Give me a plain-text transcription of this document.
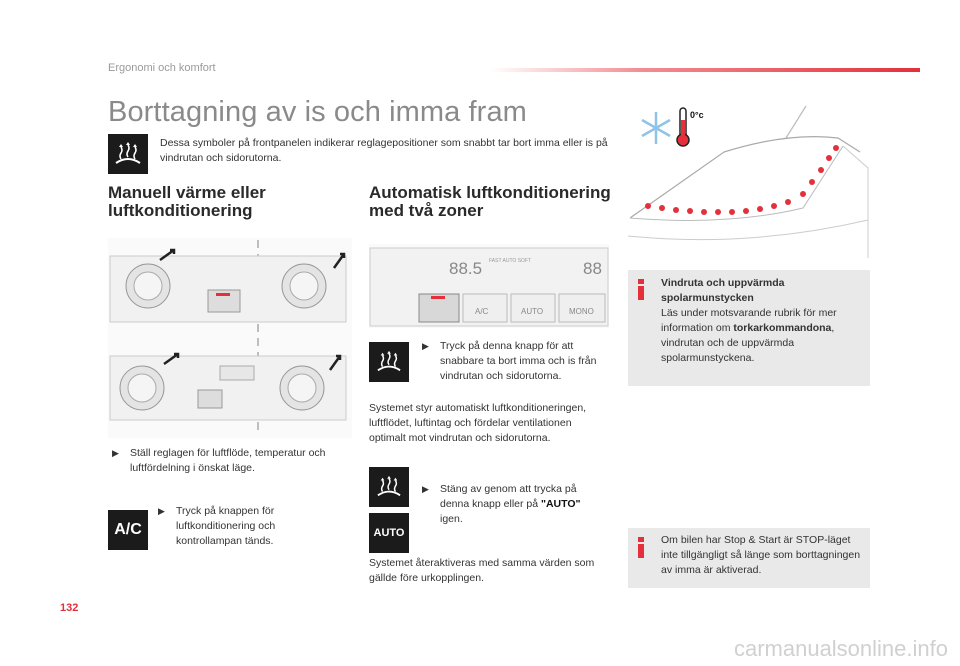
Ergonomi och komfort
Borttagning av is och imma fram
Dessa symboler på frontpanelen indikerar reglagepositioner som snabbt tar bort imma eller is på vindrutan och sidorutorna.
Manuell värme eller
luftkonditionering
▶	Ställ reglagen för luftflöde, temperatur och luftfördelning i önskat läge.
A/C
▶	Tryck på knappen för luftkonditionering och kontrollampan tänds.
Automatisk luftkonditionering
med två zoner
88.5 FAST AUTO SOFT	88
A/C	AUTO	MONO
▶	Tryck på denna knapp för att snabbare ta bort imma och is från vindrutan och sidorutorna.
Systemet styr automatiskt luftkonditioneringen, luftflödet, luftintag och fördelar ventilationen optimalt mot vindrutan och sidorutorna.
AUTO
▶	Stäng av genom att trycka på denna knapp eller på "AUTO" igen.
Systemet återaktiveras med samma värden som gällde före urkopplingen.
0°c
Vindruta och uppvärmda spolarmunstycken
Läs under motsvarande rubrik för mer information om torkarkommandona, vindrutan och de uppvärmda spolarmunstyckena.
Om bilen har Stop & Start är STOP-läget inte tillgängligt så länge som borttagningen av imma är aktiverad.
132
carmanualsonline.info
